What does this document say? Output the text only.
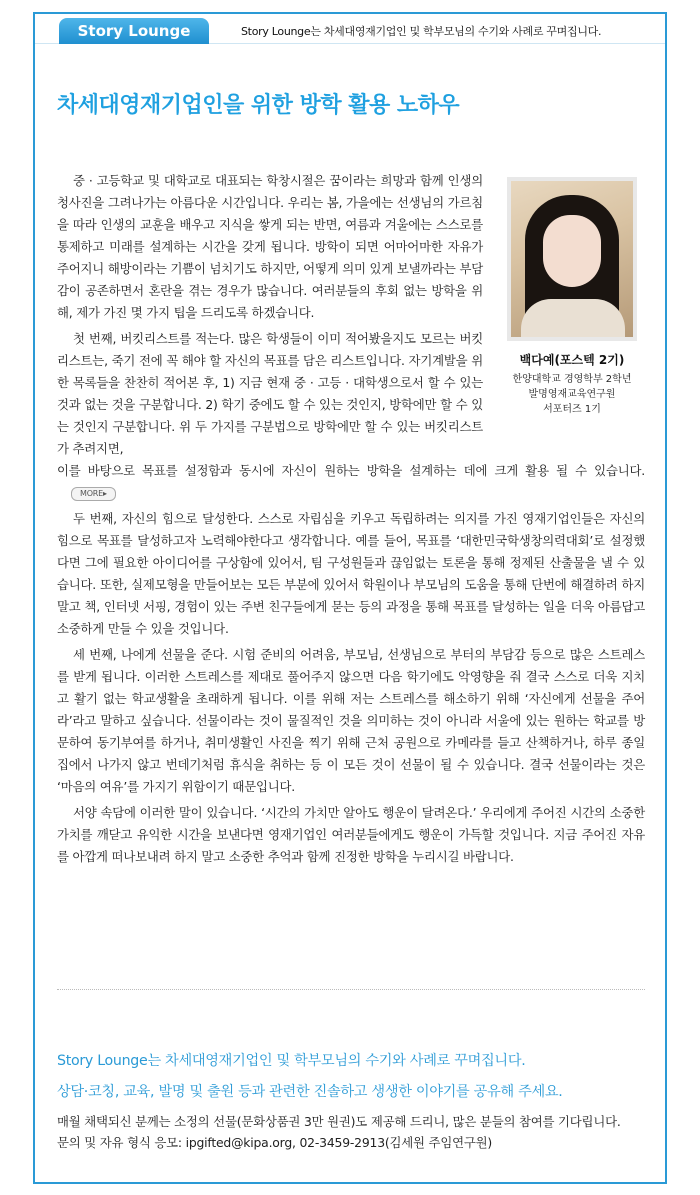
Story Lounge	Story Lounge는 차세대영재기업인 및 학부모님의 수기와 사례로 꾸며집니다.
차세대영재기업인을 위한 방학 활용 노하우
백다예(포스텍 2기)
한양대학교 경영학부 2학년
발명영재교육연구원
서포터즈 1기

중 · 고등학교 및 대학교로 대표되는 학창시절은 꿈이라는 희망과 함께 인생의 청사진을 그려나가는 아름다운 시간입니다. 우리는 봄, 가을에는 선생님의 가르침을 따라 인생의 교훈을 배우고 지식을 쌓게 되는 반면, 여름과 겨울에는 스스로를 통제하고 미래를 설계하는 시간을 갖게 됩니다. 방학이 되면 어마어마한 자유가 주어지니 해방이라는 기쁨이 넘치기도 하지만, 어떻게 의미 있게 보낼까라는 부담감이 공존하면서 혼란을 겪는 경우가 많습니다. 여러분들의 후회 없는 방학을 위해, 제가 가진 몇 가지 팁을 드리도록 하겠습니다.

첫 번째, 버킷리스트를 적는다. 많은 학생들이 이미 적어봤을지도 모르는 버킷리스트는, 죽기 전에 꼭 해야 할 자신의 목표를 담은 리스트입니다. 자기계발을 위한 목록들을 찬찬히 적어본 후, 1) 지금 현재 중 · 고등 · 대학생으로서 할 수 있는 것과 없는 것을 구분합니다. 2) 학기 중에도 할 수 있는 것인지, 방학에만 할 수 있는 것인지 구분합니다. 위 두 가지를 구분법으로 방학에만 할 수 있는 버킷리스트가 추려지면,

이를 바탕으로 목표를 설정함과 동시에 자신이 원하는 방학을 설계하는 데에 크게 활용 될 수 있습니다.MORE▸

두 번째, 자신의 힘으로 달성한다. 스스로 자립심을 키우고 독립하려는 의지를 가진 영재기업인들은 자신의 힘으로 목표를 달성하고자 노력해야한다고 생각합니다. 예를 들어, 목표를 ‘대한민국학생창의력대회’로 설정했다면 그에 필요한 아이디어를 구상함에 있어서, 팀 구성원들과 끊임없는 토론을 통해 정제된 산출물을 낼 수 있습니다. 또한, 실제모형을 만들어보는 모든 부분에 있어서 학원이나 부모님의 도움을 통해 단번에 해결하려 하지 말고 책, 인터넷 서핑, 경험이 있는 주변 친구들에게 묻는 등의 과정을 통해 목표를 달성하는 일을 더욱 아름답고 소중하게 만들 수 있을 것입니다.

세 번째, 나에게 선물을 준다. 시험 준비의 어려움, 부모님, 선생님으로 부터의 부담감 등으로 많은 스트레스를 받게 됩니다. 이러한 스트레스를 제대로 풀어주지 않으면 다음 학기에도 악영향을 줘 결국 스스로 더욱 지치고 활기 없는 학교생활을 초래하게 됩니다. 이를 위해 저는 스트레스를 해소하기 위해 ‘자신에게 선물을 주어라’라고 말하고 싶습니다. 선물이라는 것이 물질적인 것을 의미하는 것이 아니라 서울에 있는 원하는 학교를 방문하여 동기부여를 하거나, 취미생활인 사진을 찍기 위해 근처 공원으로 카메라를 들고 산책하거나, 하루 종일 집에서 나가지 않고 번데기처럼 휴식을 취하는 등 이 모든 것이 선물이 될 수 있습니다. 결국 선물이라는 것은 ‘마음의 여유’를 가지기 위함이기 때문입니다.

서양 속담에 이러한 말이 있습니다. ‘시간의 가치만 알아도 행운이 달려온다.’ 우리에게 주어진 시간의 소중한 가치를 깨닫고 유익한 시간을 보낸다면 영재기업인 여러분들에게도 행운이 가득할 것입니다. 지금 주어진 자유를 아깝게 떠나보내려 하지 말고 소중한 추억과 함께 진정한 방학을 누리시길 바랍니다.

Story Lounge는 차세대영재기업인 및 학부모님의 수기와 사례로 꾸며집니다.
상담·코칭, 교육, 발명 및 출원 등과 관련한 진솔하고 생생한 이야기를 공유해 주세요.
매월 채택되신 분께는 소정의 선물(문화상품권 3만 원권)도 제공해 드리니, 많은 분들의 참여를 기다립니다.
문의 및 자유 형식 응모: ipgifted@kipa.org, 02-3459-2913(김세원 주임연구원)
